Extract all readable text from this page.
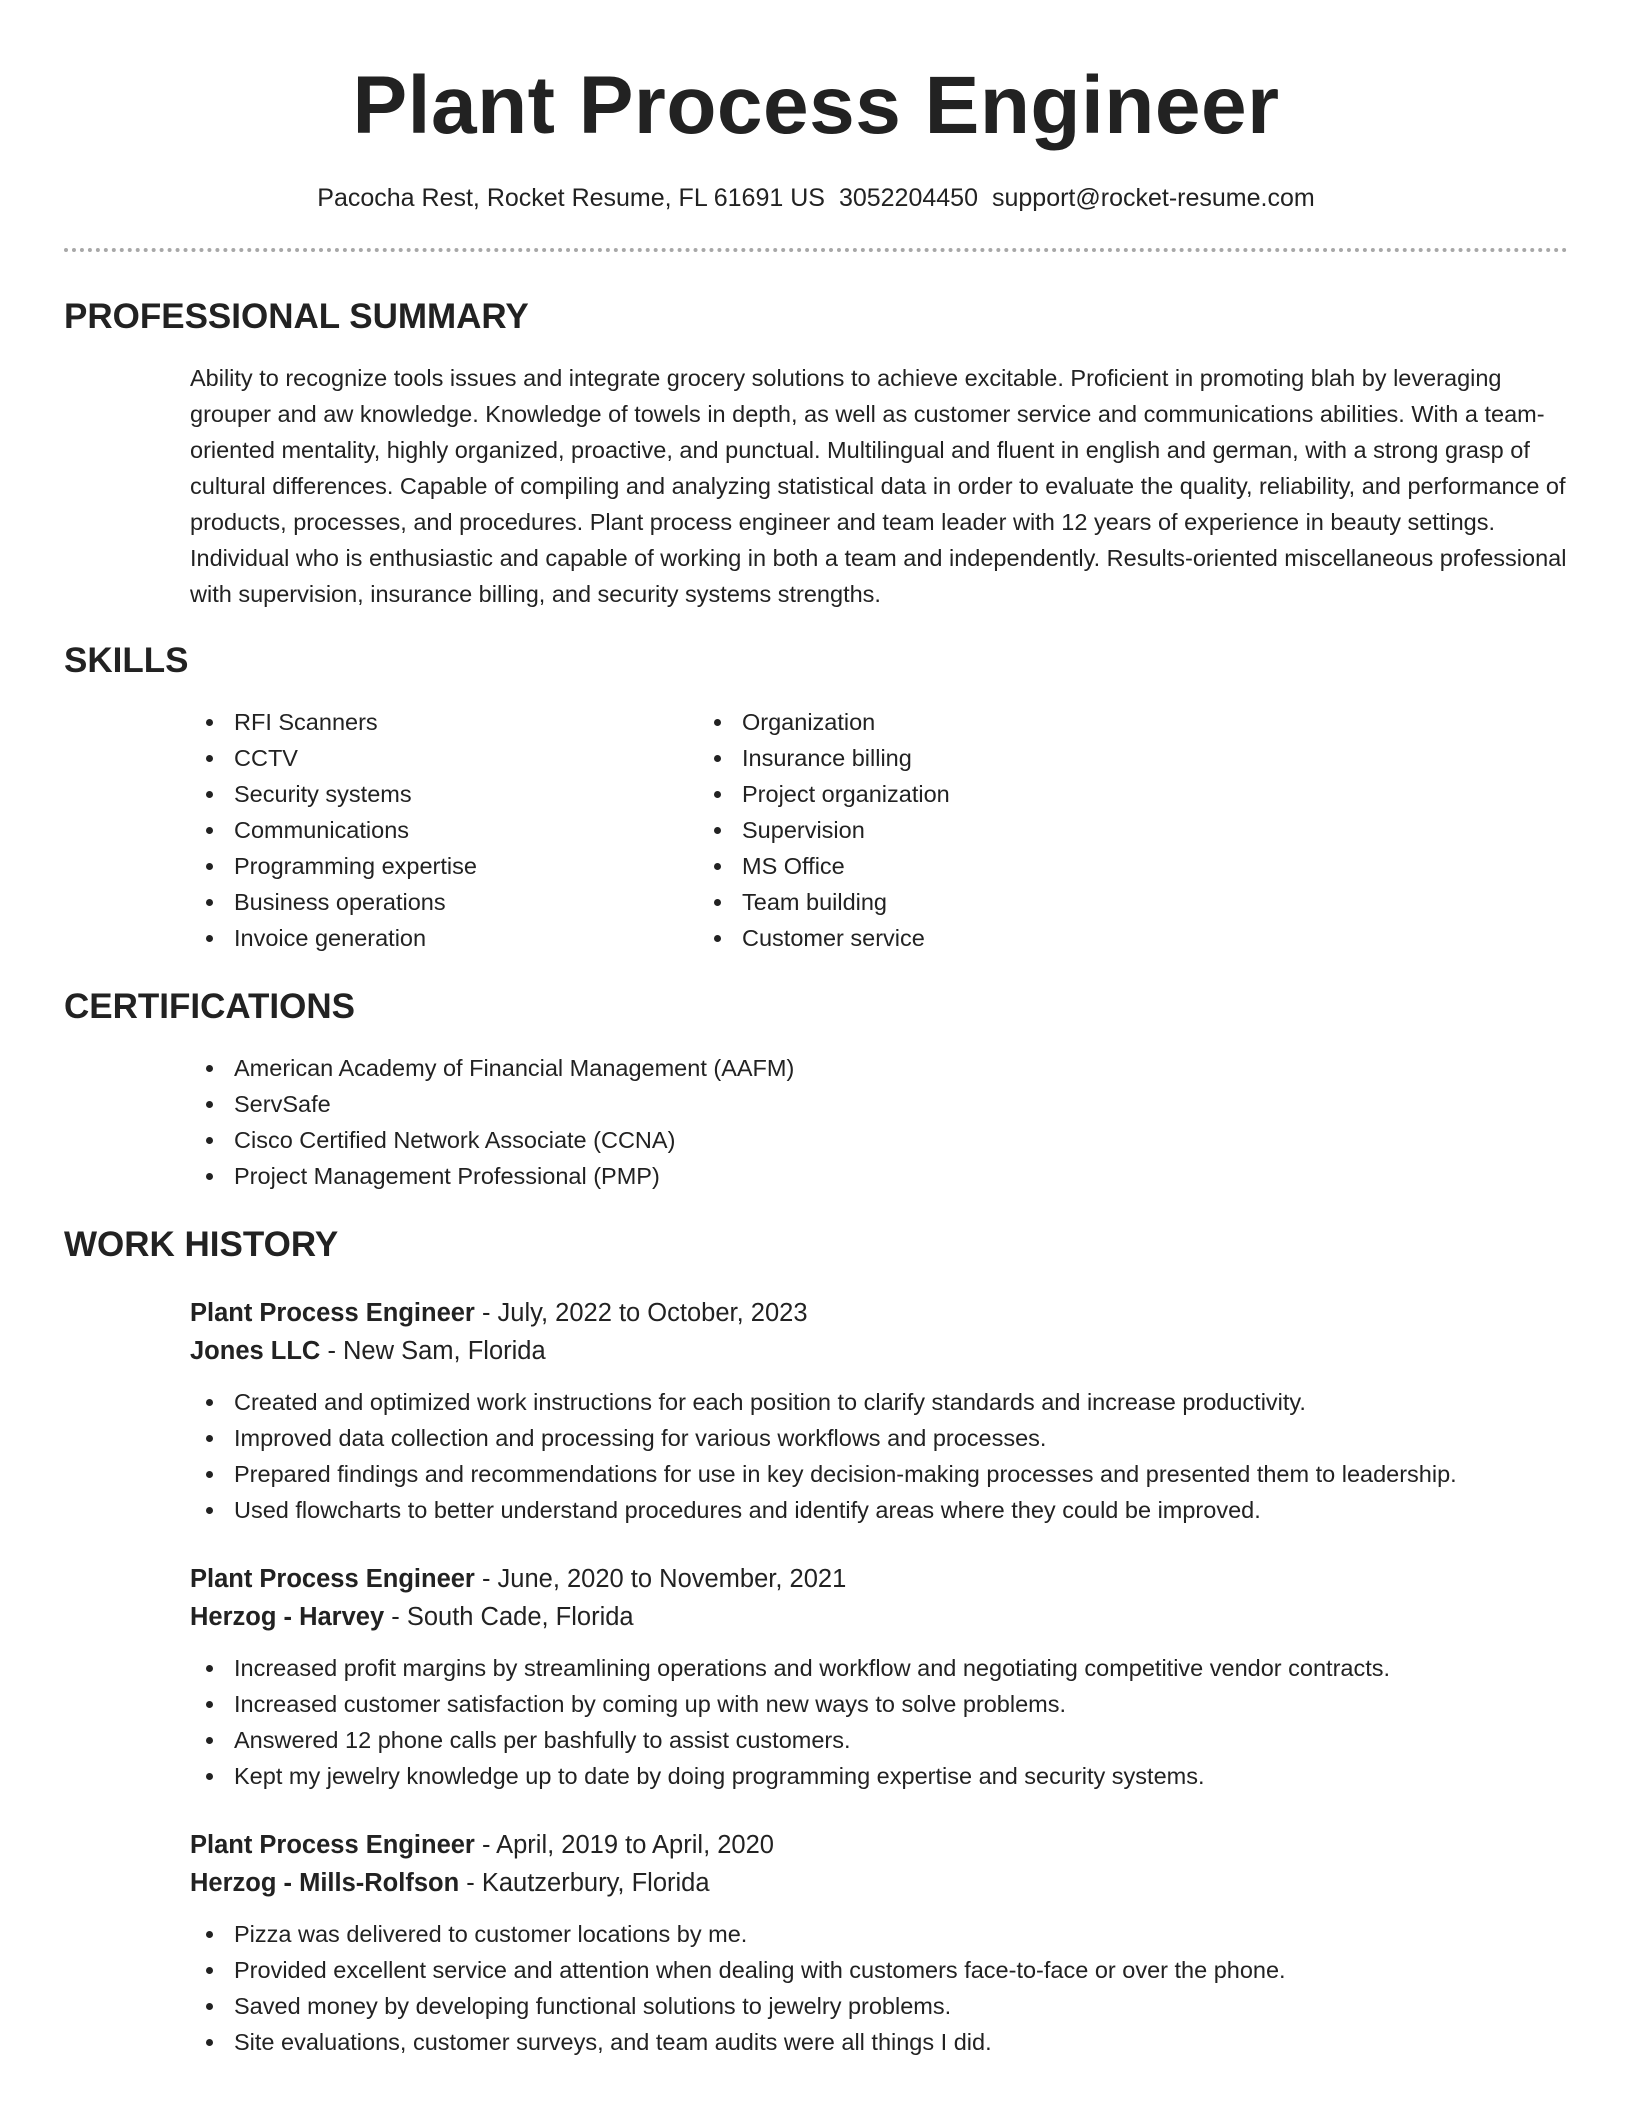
Plant Process Engineer
Pacocha Rest, Rocket Resume, FL 61691 US 3052204450 support@rocket-resume.com
PROFESSIONAL SUMMARY
Ability to recognize tools issues and integrate grocery solutions to achieve excitable. Proficient in promoting blah by leveraging grouper and aw knowledge. Knowledge of towels in depth, as well as customer service and communications abilities. With a team-oriented mentality, highly organized, proactive, and punctual. Multilingual and fluent in english and german, with a strong grasp of cultural differences. Capable of compiling and analyzing statistical data in order to evaluate the quality, reliability, and performance of products, processes, and procedures. Plant process engineer and team leader with 12 years of experience in beauty settings. Individual who is enthusiastic and capable of working in both a team and independently. Results-oriented miscellaneous professional with supervision, insurance billing, and security systems strengths.
SKILLS
RFI Scanners
CCTV
Security systems
Communications
Programming expertise
Business operations
Invoice generation
Organization
Insurance billing
Project organization
Supervision
MS Office
Team building
Customer service
CERTIFICATIONS
American Academy of Financial Management (AAFM)
ServSafe
Cisco Certified Network Associate (CCNA)
Project Management Professional (PMP)
WORK HISTORY
Plant Process Engineer - July, 2022 to October, 2023
Jones LLC - New Sam, Florida
Created and optimized work instructions for each position to clarify standards and increase productivity.
Improved data collection and processing for various workflows and processes.
Prepared findings and recommendations for use in key decision-making processes and presented them to leadership.
Used flowcharts to better understand procedures and identify areas where they could be improved.
Plant Process Engineer - June, 2020 to November, 2021
Herzog - Harvey - South Cade, Florida
Increased profit margins by streamlining operations and workflow and negotiating competitive vendor contracts.
Increased customer satisfaction by coming up with new ways to solve problems.
Answered 12 phone calls per bashfully to assist customers.
Kept my jewelry knowledge up to date by doing programming expertise and security systems.
Plant Process Engineer - April, 2019 to April, 2020
Herzog - Mills-Rolfson - Kautzerbury, Florida
Pizza was delivered to customer locations by me.
Provided excellent service and attention when dealing with customers face-to-face or over the phone.
Saved money by developing functional solutions to jewelry problems.
Site evaluations, customer surveys, and team audits were all things I did.
